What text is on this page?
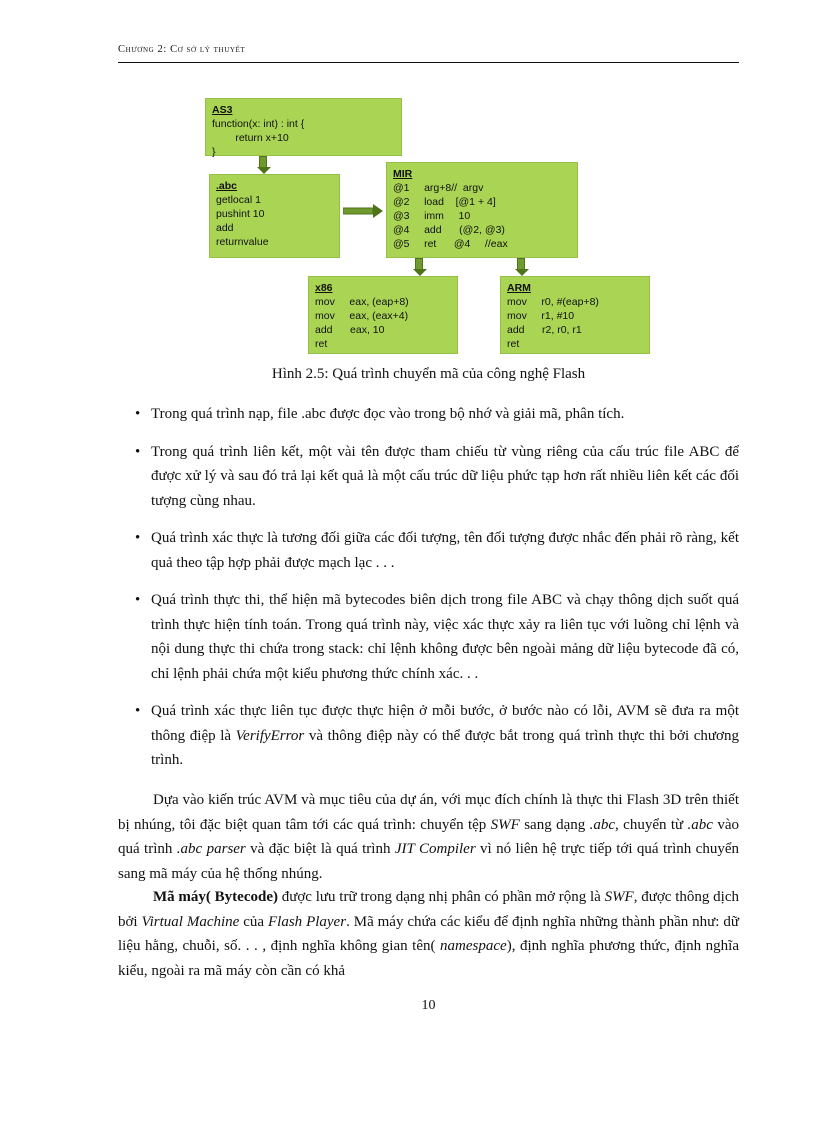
Chương 2: Cơ sở lý thuyết
AS3
function(x: int) : int {
return x+10
}
.abc
getlocal 1
pushint 10
add
returnvalue
MIR
@1     arg+8//  argv
@2     load    [@1 + 4]
@3     imm     10
@4     add      (@2, @3)
@5     ret      @4     //eax
x86
mov     eax, (eap+8)
mov     eax, (eax+4)
add      eax, 10
ret
ARM
mov     r0, #(eap+8)
mov     r1, #10
add      r2, r0, r1
ret
Hình 2.5: Quá trình chuyển mã của công nghệ Flash
• Trong quá trình nạp, file .abc được đọc vào trong bộ nhớ và giải mã, phân tích.
• Trong quá trình liên kết, một vài tên được tham chiếu từ vùng riêng của cấu trúc file ABC để được xử lý và sau đó trả lại kết quả là một cấu trúc dữ liệu phức tạp hơn rất nhiều liên kết các đối tượng cùng nhau.
• Quá trình xác thực là tương đối giữa các đối tượng, tên đối tượng được nhắc đến phải rõ ràng, kết quả theo tập hợp phải được mạch lạc . . .
• Quá trình thực thi, thể hiện mã bytecodes biên dịch trong file ABC và chạy thông dịch suốt quá trình thực hiện tính toán. Trong quá trình này, việc xác thực xảy ra liên tục với luồng chỉ lệnh và nội dung thực thi chứa trong stack: chỉ lệnh không được bên ngoài mảng dữ liệu bytecode đã có, chỉ lệnh phải chứa một kiểu phương thức chính xác. . .
• Quá trình xác thực liên tục được thực hiện ở mỗi bước, ở bước nào có lỗi, AVM sẽ đưa ra một thông điệp là VerifyError và thông điệp này có thể được bắt trong quá trình thực thi bởi chương trình.

Dựa vào kiến trúc AVM và mục tiêu của dự án, với mục đích chính là thực thi Flash 3D trên thiết bị nhúng, tôi đặc biệt quan tâm tới các quá trình: chuyển tệp SWF sang dạng .abc, chuyển từ .abc vào quá trình .abc parser và đặc biệt là quá trình JIT Compiler vì nó liên hệ trực tiếp tới quá trình chuyển sang mã máy của hệ thống nhúng.

Mã máy( Bytecode) được lưu trữ trong dạng nhị phân có phần mở rộng là SWF, được thông dịch bởi Virtual Machine của Flash Player. Mã máy chứa các kiểu để định nghĩa những thành phần như: dữ liệu hằng, chuỗi, số. . . , định nghĩa không gian tên( namespace), định nghĩa phương thức, định nghĩa kiểu, ngoài ra mã máy còn cần có khả

10
